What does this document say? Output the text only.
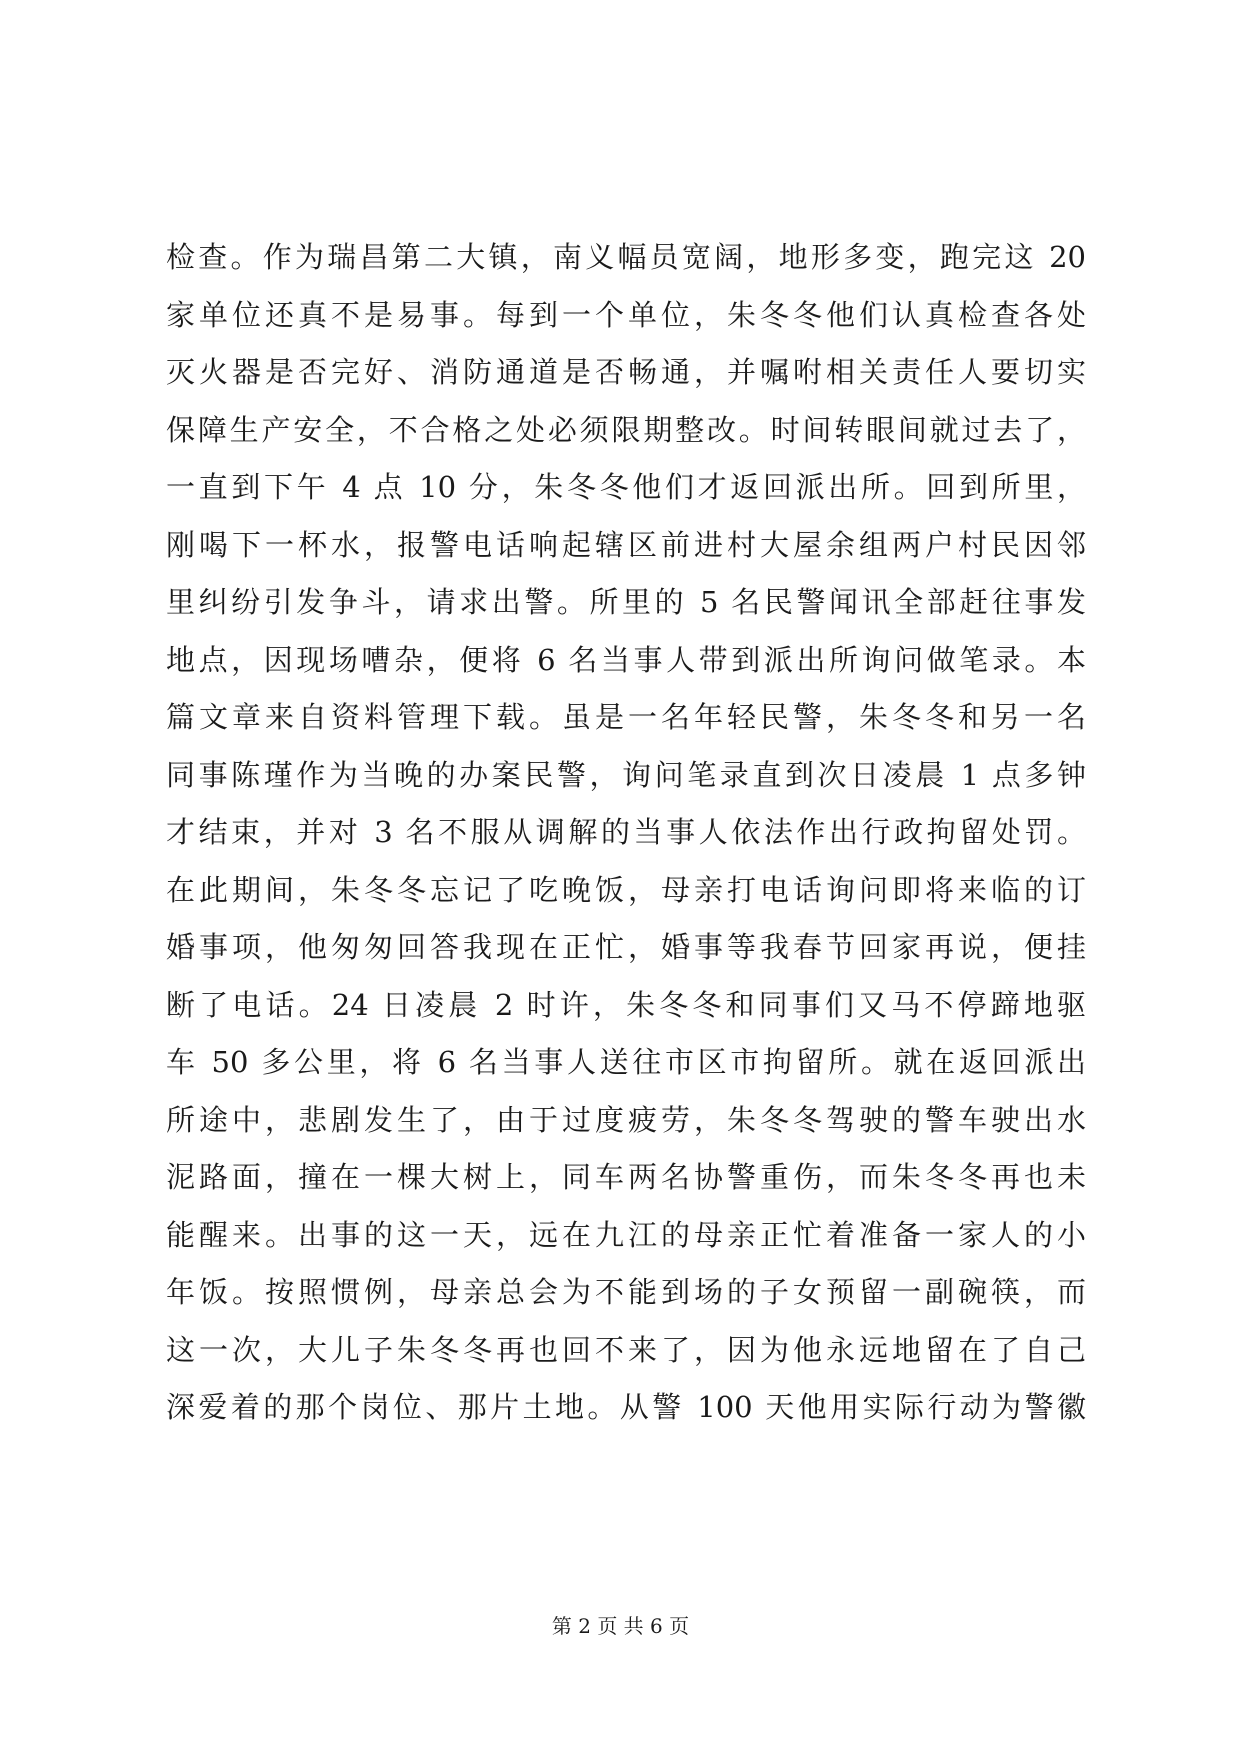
检查。作为瑞昌第二大镇，南义幅员宽阔，地形多变，跑完这 20
家单位还真不是易事。每到一个单位，朱冬冬他们认真检查各处
灭火器是否完好、消防通道是否畅通，并嘱咐相关责任人要切实
保障生产安全，不合格之处必须限期整改。时间转眼间就过去了，
一直到下午 4 点 10 分，朱冬冬他们才返回派出所。回到所里，
刚喝下一杯水，报警电话响起辖区前进村大屋余组两户村民因邻
里纠纷引发争斗，请求出警。所里的 5 名民警闻讯全部赶往事发
地点，因现场嘈杂，便将 6 名当事人带到派出所询问做笔录。本
篇文章来自资料管理下载。虽是一名年轻民警，朱冬冬和另一名
同事陈瑾作为当晚的办案民警，询问笔录直到次日凌晨 1 点多钟
才结束，并对 3 名不服从调解的当事人依法作出行政拘留处罚。
在此期间，朱冬冬忘记了吃晚饭，母亲打电话询问即将来临的订
婚事项，他匆匆回答我现在正忙，婚事等我春节回家再说，便挂
断了电话。24 日凌晨 2 时许，朱冬冬和同事们又马不停蹄地驱
车 50 多公里，将 6 名当事人送往市区市拘留所。就在返回派出
所途中，悲剧发生了，由于过度疲劳，朱冬冬驾驶的警车驶出水
泥路面，撞在一棵大树上，同车两名协警重伤，而朱冬冬再也未
能醒来。出事的这一天，远在九江的母亲正忙着准备一家人的小
年饭。按照惯例，母亲总会为不能到场的子女预留一副碗筷，而
这一次，大儿子朱冬冬再也回不来了，因为他永远地留在了自己
深爱着的那个岗位、那片土地。从警 100 天他用实际行动为警徽
第 2 页 共 6 页
